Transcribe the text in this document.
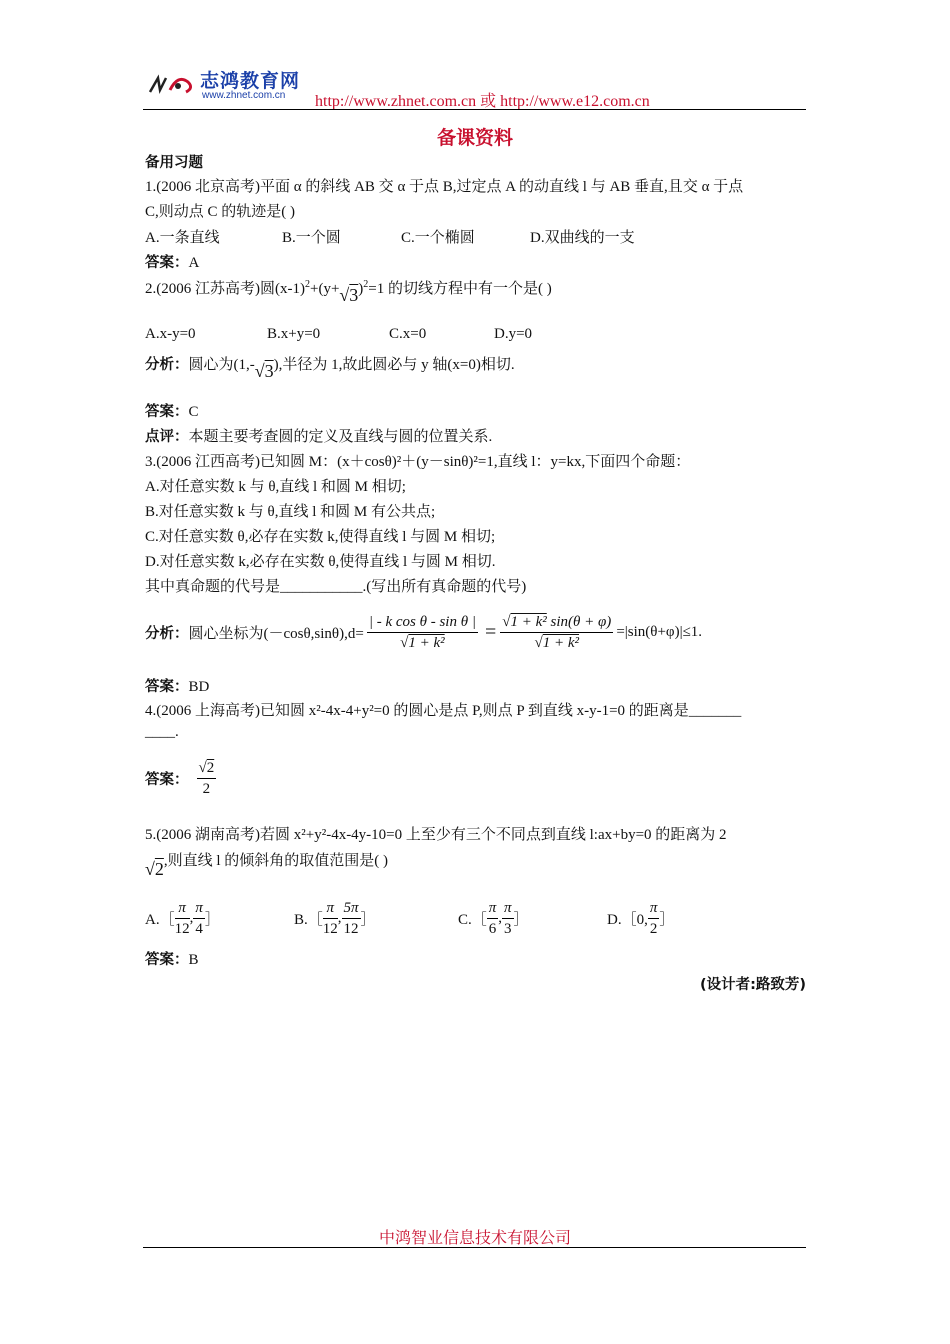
志鸿教育网
www.zhnet.com.cn http://www.zhnet.com.cn 或 http://www.e12.com.cn
备课资料
备用习题
1.(2006 北京高考)平面 α 的斜线 AB 交 α 于点 B,过定点 A 的动直线 l 与 AB 垂直,且交 α 于点
C,则动点 C 的轨迹是( )
A.一条直线	B.一个圆	C.一个椭圆	D.双曲线的一支
答案：A
2.(2006 江苏高考)圆$(x-1)^2+(y+√3)^2=1$ 的切线方程中有一个是( )
A.x-y=0	B.x+y=0	C.x=0	D.y=0
分析：圆心为(1,-√3),半径为 1,故此圆必与 y 轴(x=0)相切.
答案：C
点评：本题主要考查圆的定义及直线与圆的位置关系.
3.(2006 江西高考)已知圆 M：(x＋cosθ)²＋(y－sinθ)²=1,直线 l：y=kx,下面四个命题：
A.对任意实数 k 与 θ,直线 l 和圆 M 相切;
B.对任意实数 k 与 θ,直线 l 和圆 M 有公共点;
C.对任意实数 θ,必存在实数 k,使得直线 l 与圆 M 相切;
D.对任意实数 k,必存在实数 θ,使得直线 l 与圆 M 相切.
其中真命题的代号是___________.(写出所有真命题的代号)
分析： 圆心坐标为$(-\cos\theta,\sin\theta),d= \frac{\text{| - k cos θ - sin θ |}}{\text{√1 + k²}} = \frac{\text{√1 + k² sin(θ + φ)}}{\text{√1 + k²}} =|\sin(\theta+\varphi)|\le 1$.
答案：BD
4.(2006 上海高考)已知圆 x²-4x-4+y²=0 的圆心是点 P,则点 P 到直线 x-y-1=0 的距离是_______
____.
答案： $\frac{√2}{2}$
5.(2006 湖南高考)若圆 x²+y²-4x-4y-10=0 上至少有三个不同点到直线 l:ax+by=0 的距离为 2
√2,则直线 l 的倾斜角的取值范围是( )
A.［ $\frac{\pi}{12}$ , $\frac{\pi}{4}$ ］	B.［ $\frac{\pi}{12}$ , $\frac{5\pi}{12}$ ］	C.［ $\frac{\pi}{6}$ , $\frac{\pi}{3}$ ］	D.［0, $\frac{\pi}{2}$ ］
答案：B
(设计者:路致芳)
中鸿智业信息技术有限公司
